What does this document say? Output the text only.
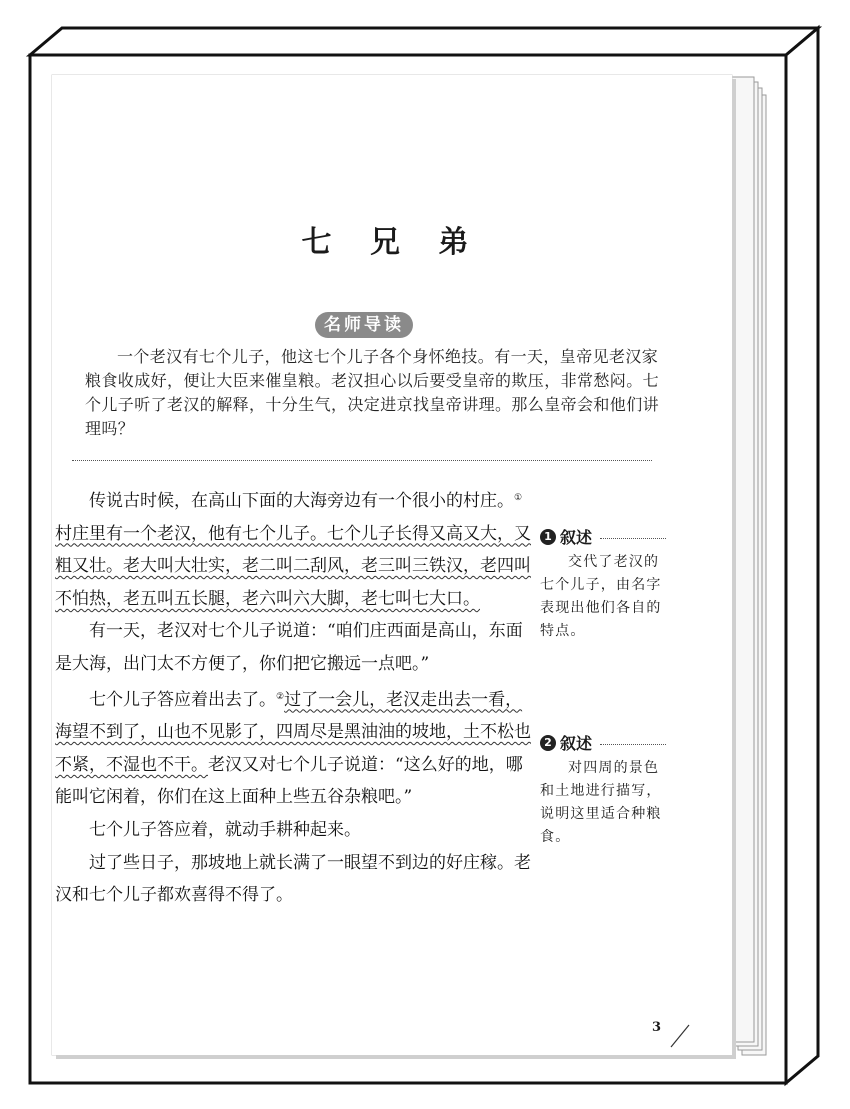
七 兄 弟
名师导读

一个老汉有七个儿子，他这七个儿子各个身怀绝技。有一天，皇帝见老汉家粮食收成好，便让大臣来催皇粮。老汉担心以后要受皇帝的欺压，非常愁闷。七个儿子听了老汉的解释，十分生气，决定进京找皇帝讲理。那么皇帝会和他们讲理吗？

传说古时候，在高山下面的大海旁边有一个很小的村庄。①村庄里有一个老汉，他有七个儿子。七个儿子长得又高又大，又粗又壮。老大叫大壮实，老二叫二刮风，老三叫三铁汉，老四叫不怕热，老五叫五长腿，老六叫六大脚，老七叫七大口。

有一天，老汉对七个儿子说道：“咱们庄西面是高山，东面是大海，出门太不方便了，你们把它搬远一点吧。”

七个儿子答应着出去了。②过了一会儿，老汉走出去一看，海望不到了，山也不见影了，四周尽是黑油油的坡地，土不松也不紧，不湿也不干。老汉又对七个儿子说道：“这么好的地，哪能叫它闲着，你们在这上面种上些五谷杂粮吧。”

七个儿子答应着，就动手耕种起来。

过了些日子，那坡地上就长满了一眼望不到边的好庄稼。老汉和七个儿子都欢喜得不得了。

1 叙述
交代了老汉的七个儿子，由名字表现出他们各自的特点。
2 叙述
对四周的景色和土地进行描写，说明这里适合种粮食。
3
